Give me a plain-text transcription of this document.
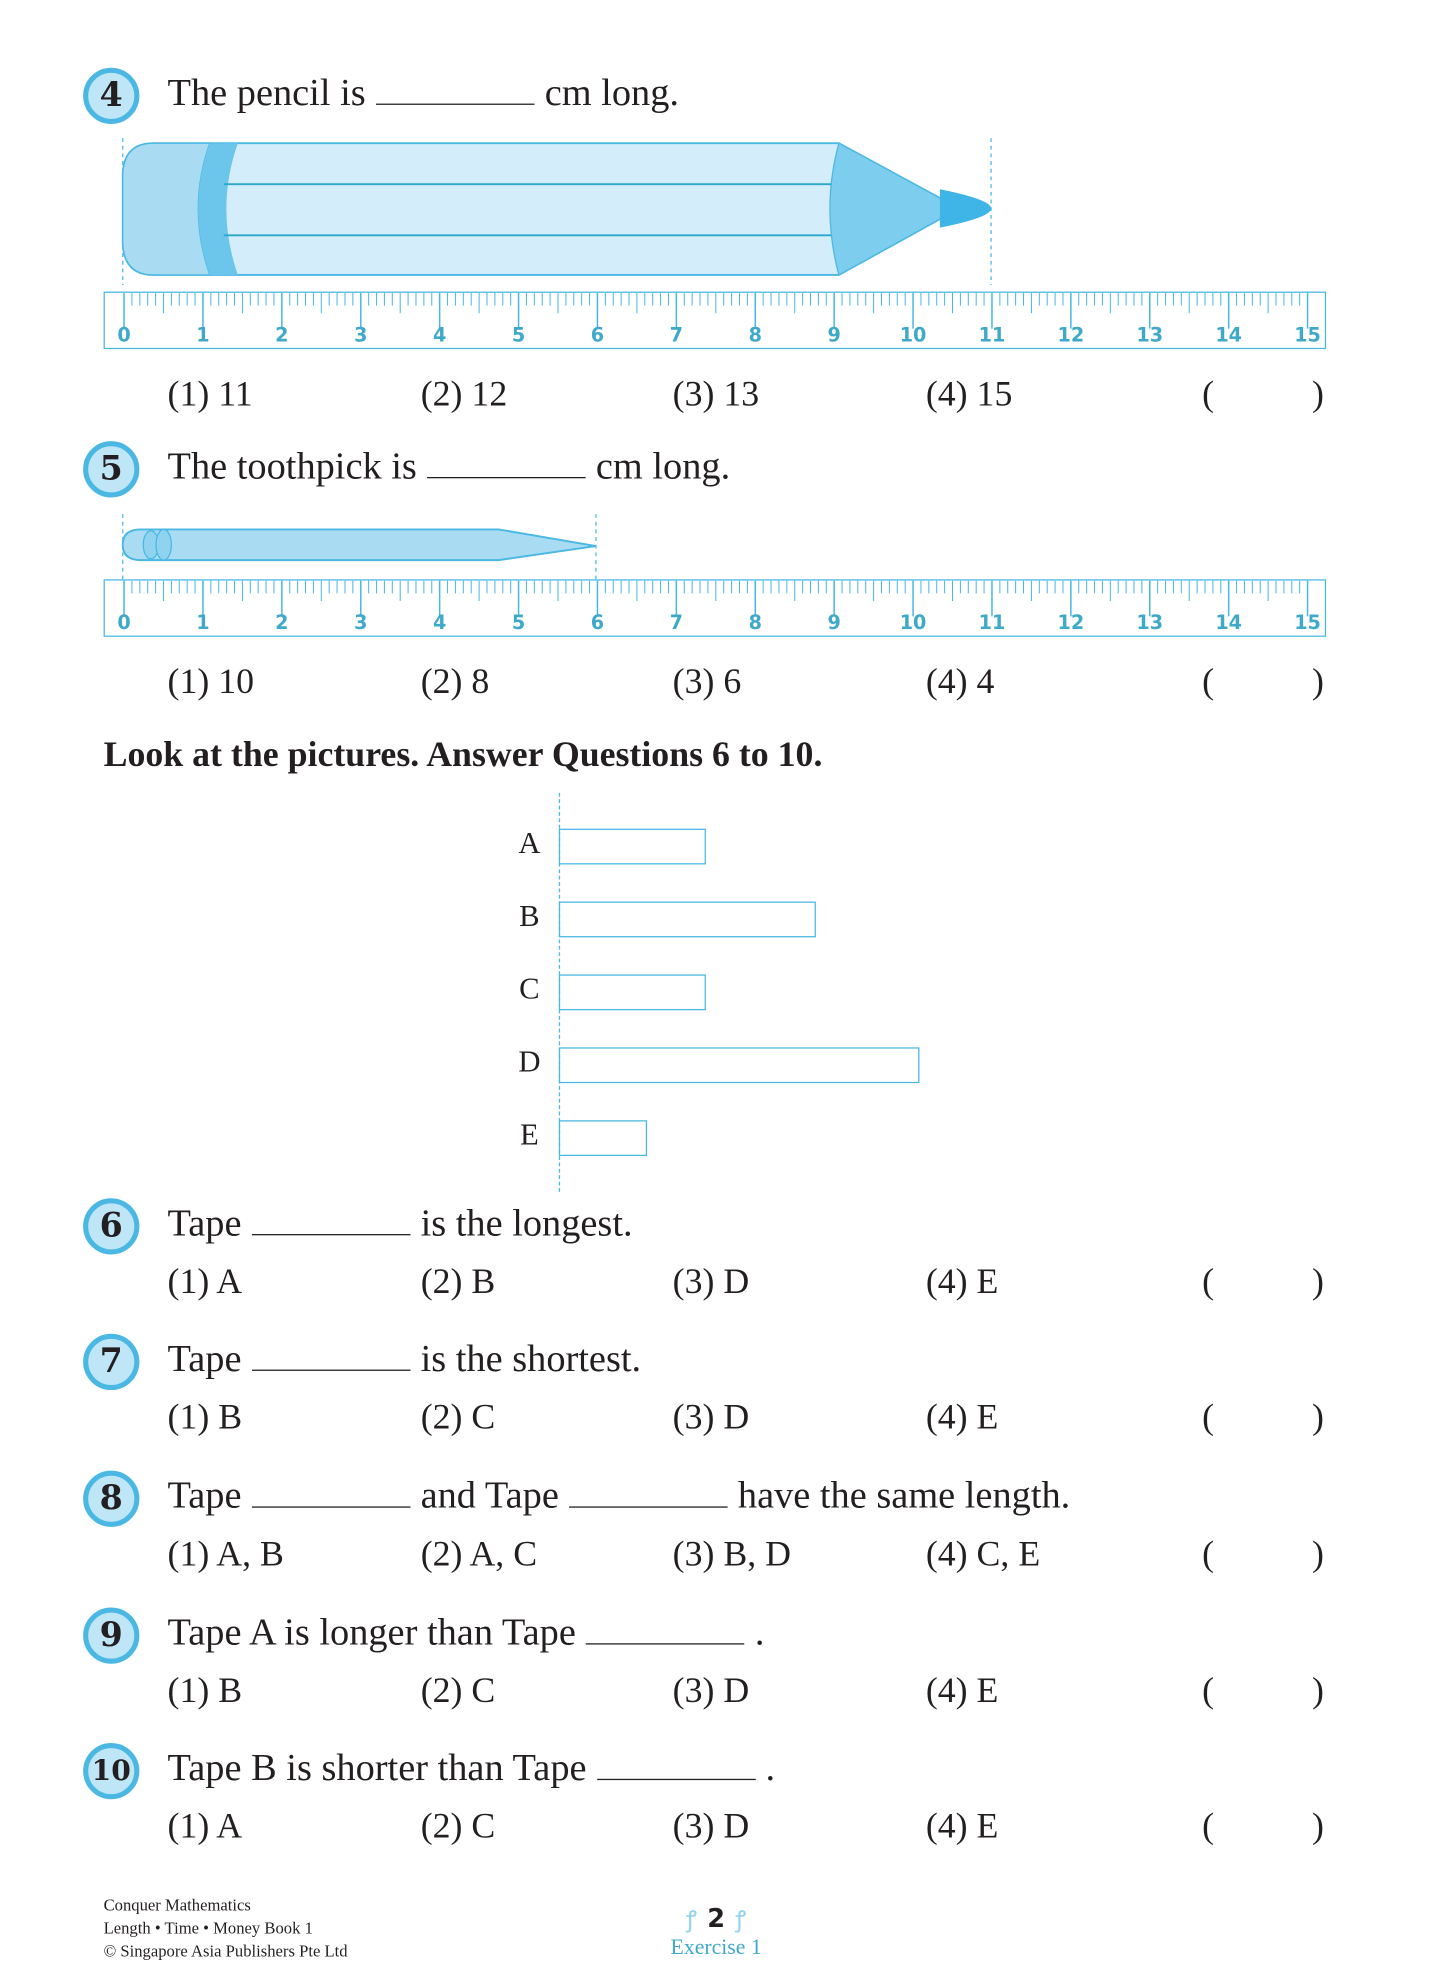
4	The pencil is	cm long.
0	1	2	3	4	5	6	7	8	9	10	11	12	13	14	15
(1) 11	(2) 12	(3) 13	(4) 15	(	)
5	The toothpick is	cm long.
0	1	2	3	4	5	6	7	8	9	10	11	12	13	14	15
(1) 10	(2) 8	(3) 6	(4) 4	(	)
Look at the pictures. Answer Questions 6 to 10.
A
B
C
D
E
6	Tape	is the longest.
(1) A	(2) B	(3) D	(4) E	(	)
7	Tape	is the shortest.
(1) B	(2) C	(3) D	(4) E	(	)
8	Tape	and Tape	have the same length.
(1) A, B	(2) A, C	(3) B, D	(4) C, E	(	)
9	Tape A is longer than Tape	.
(1) B	(2) C	(3) D	(4) E	(	)
10 Tape B is shorter than Tape	.
(1) A	(2) C	(3) D	(4) E	(	)
Conquer Mathematics
Length • Time • Money Book 1
© Singapore Asia Publishers Pte Ltd
ꝭ 2 ꝭ
Exercise 1
